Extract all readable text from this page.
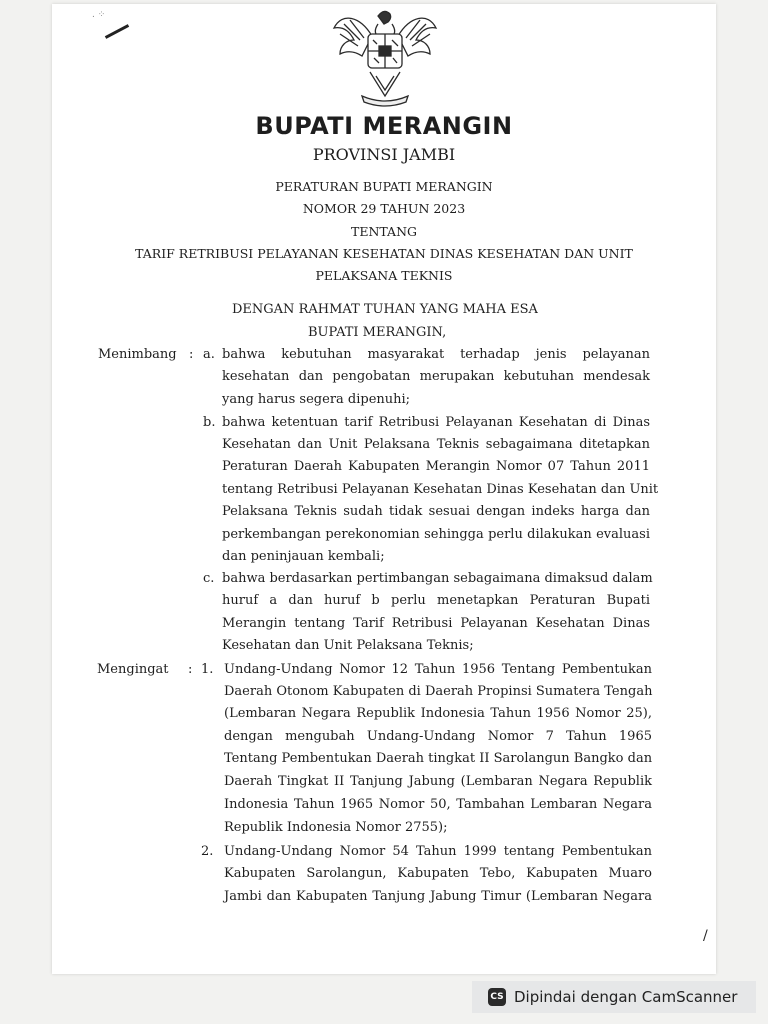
. ⁘
BUPATI MERANGIN
PROVINSI JAMBI
PERATURAN BUPATI MERANGIN
NOMOR 29 TAHUN 2023
TENTANG
TARIF RETRIBUSI PELAYANAN KESEHATAN DINAS KESEHATAN DAN UNIT
PELAKSANA TEKNIS
DENGAN RAHMAT TUHAN YANG MAHA ESA
BUPATI MERANGIN,
Menimbang : a. bahwa kebutuhan masyarakat terhadap jenis pelayanan
kesehatan dan pengobatan merupakan kebutuhan mendesak
yang harus segera dipenuhi;
b. bahwa ketentuan tarif Retribusi Pelayanan Kesehatan di Dinas
Kesehatan dan Unit Pelaksana Teknis sebagaimana ditetapkan
Peraturan Daerah Kabupaten Merangin Nomor 07 Tahun 2011
tentang Retribusi Pelayanan Kesehatan Dinas Kesehatan dan Unit
Pelaksana Teknis sudah tidak sesuai dengan indeks harga dan
perkembangan perekonomian sehingga perlu dilakukan evaluasi
dan peninjauan kembali;
c. bahwa berdasarkan pertimbangan sebagaimana dimaksud dalam
huruf a dan huruf b perlu menetapkan Peraturan Bupati
Merangin tentang Tarif Retribusi Pelayanan Kesehatan Dinas
Kesehatan dan Unit Pelaksana Teknis;
Mengingat : 1. Undang-Undang Nomor 12 Tahun 1956 Tentang Pembentukan
Daerah Otonom Kabupaten di Daerah Propinsi Sumatera Tengah
(Lembaran Negara Republik Indonesia Tahun 1956 Nomor 25),
dengan mengubah Undang-Undang Nomor 7 Tahun 1965
Tentang Pembentukan Daerah tingkat II Sarolangun Bangko dan
Daerah Tingkat II Tanjung Jabung (Lembaran Negara Republik
Indonesia Tahun 1965 Nomor 50, Tambahan Lembaran Negara
Republik Indonesia Nomor 2755);
2. Undang-Undang Nomor 54 Tahun 1999 tentang Pembentukan
Kabupaten Sarolangun, Kabupaten Tebo, Kabupaten Muaro
Jambi dan Kabupaten Tanjung Jabung Timur (Lembaran Negara
/
CS Dipindai dengan CamScanner
